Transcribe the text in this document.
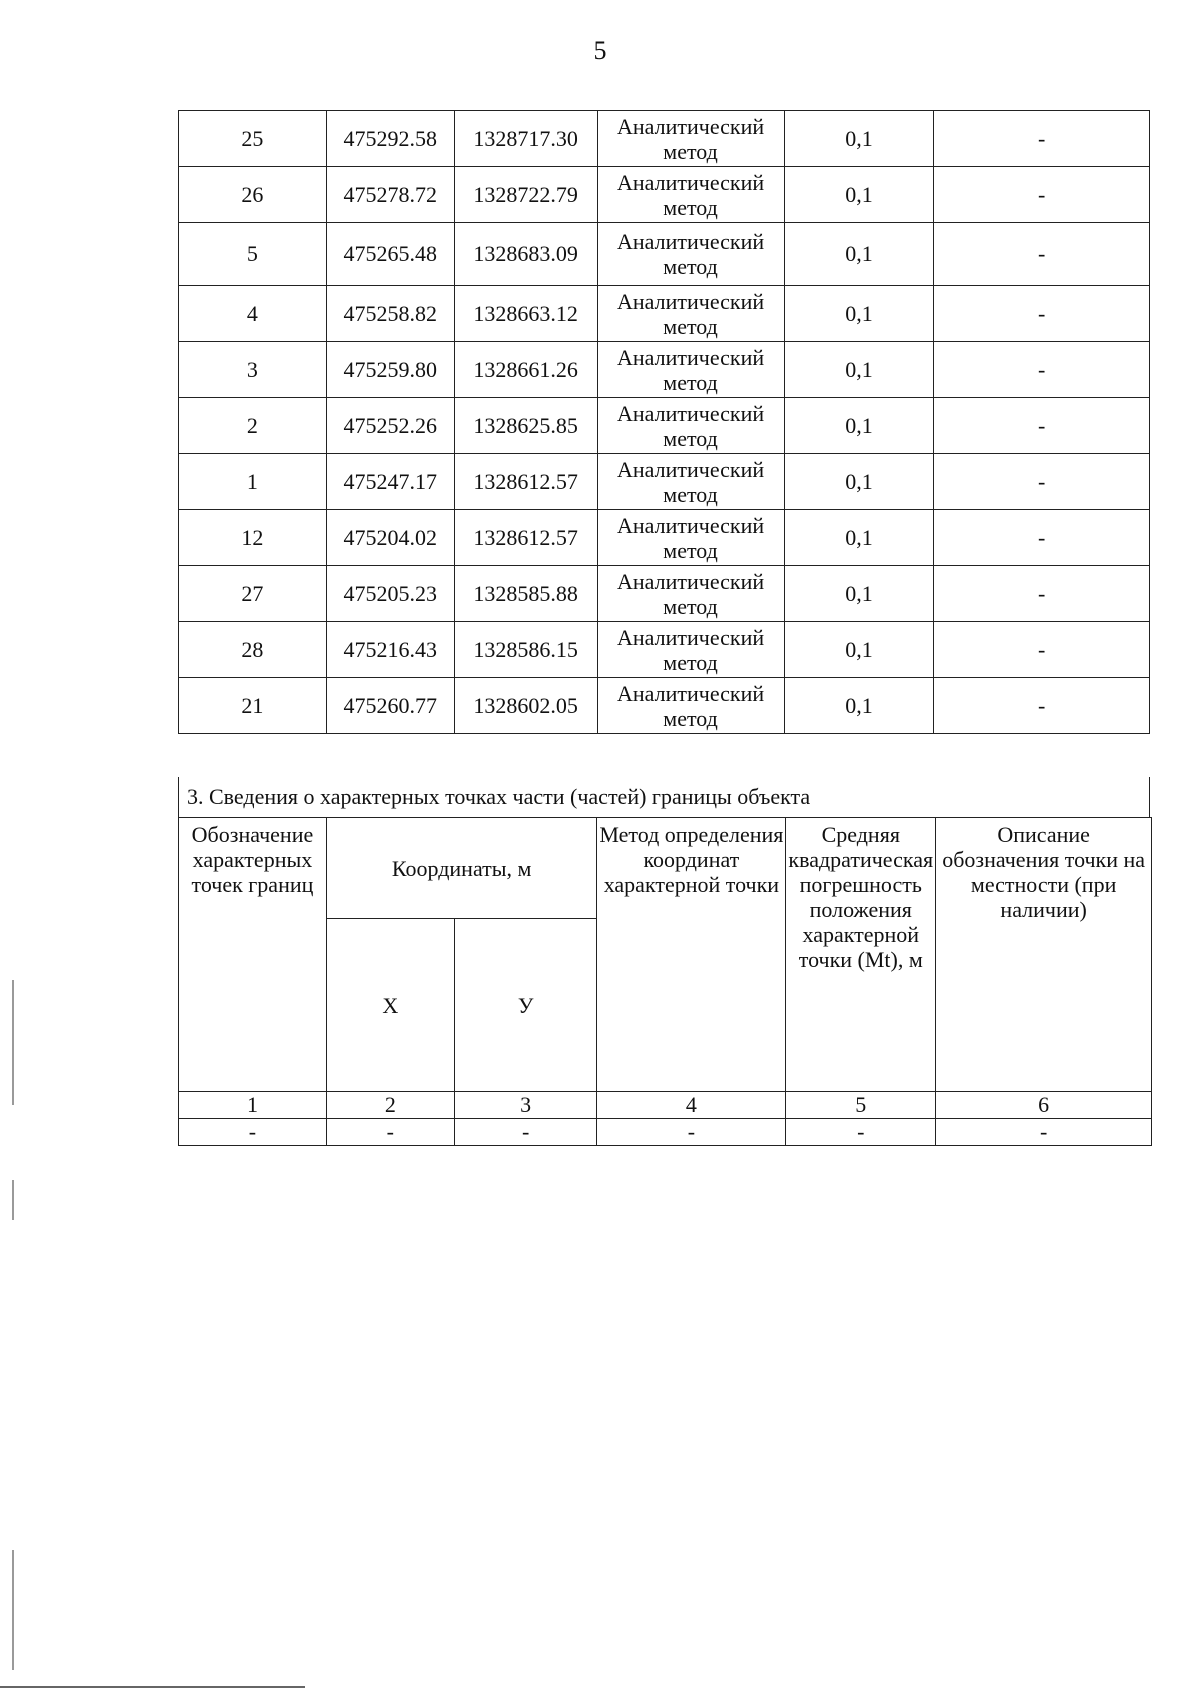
5
25	475292.58	1328717.30	Аналитический метод	0,1	-
26	475278.72	1328722.79	Аналитический метод	0,1	-
5	475265.48	1328683.09	Аналитический метод	0,1	-
4	475258.82	1328663.12	Аналитический метод	0,1	-
3	475259.80	1328661.26	Аналитический метод	0,1	-
2	475252.26	1328625.85	Аналитический метод	0,1	-
1	475247.17	1328612.57	Аналитический метод	0,1	-
12	475204.02	1328612.57	Аналитический метод	0,1	-
27	475205.23	1328585.88	Аналитический метод	0,1	-
28	475216.43	1328586.15	Аналитический метод	0,1	-
21	475260.77	1328602.05	Аналитический метод	0,1	-
3. Сведения о характерных точках части (частей) границы объекта
Обозначение характерных точек границ	Координаты, м		Метод определения координат характерной точки	Средняя квадратическая погрешность положения характерной точки (Мt), м	Описание обозначения точки на местности (при наличии)
	Х	У			
1	2	3	4	5	6
-	-	-	-	-	-
